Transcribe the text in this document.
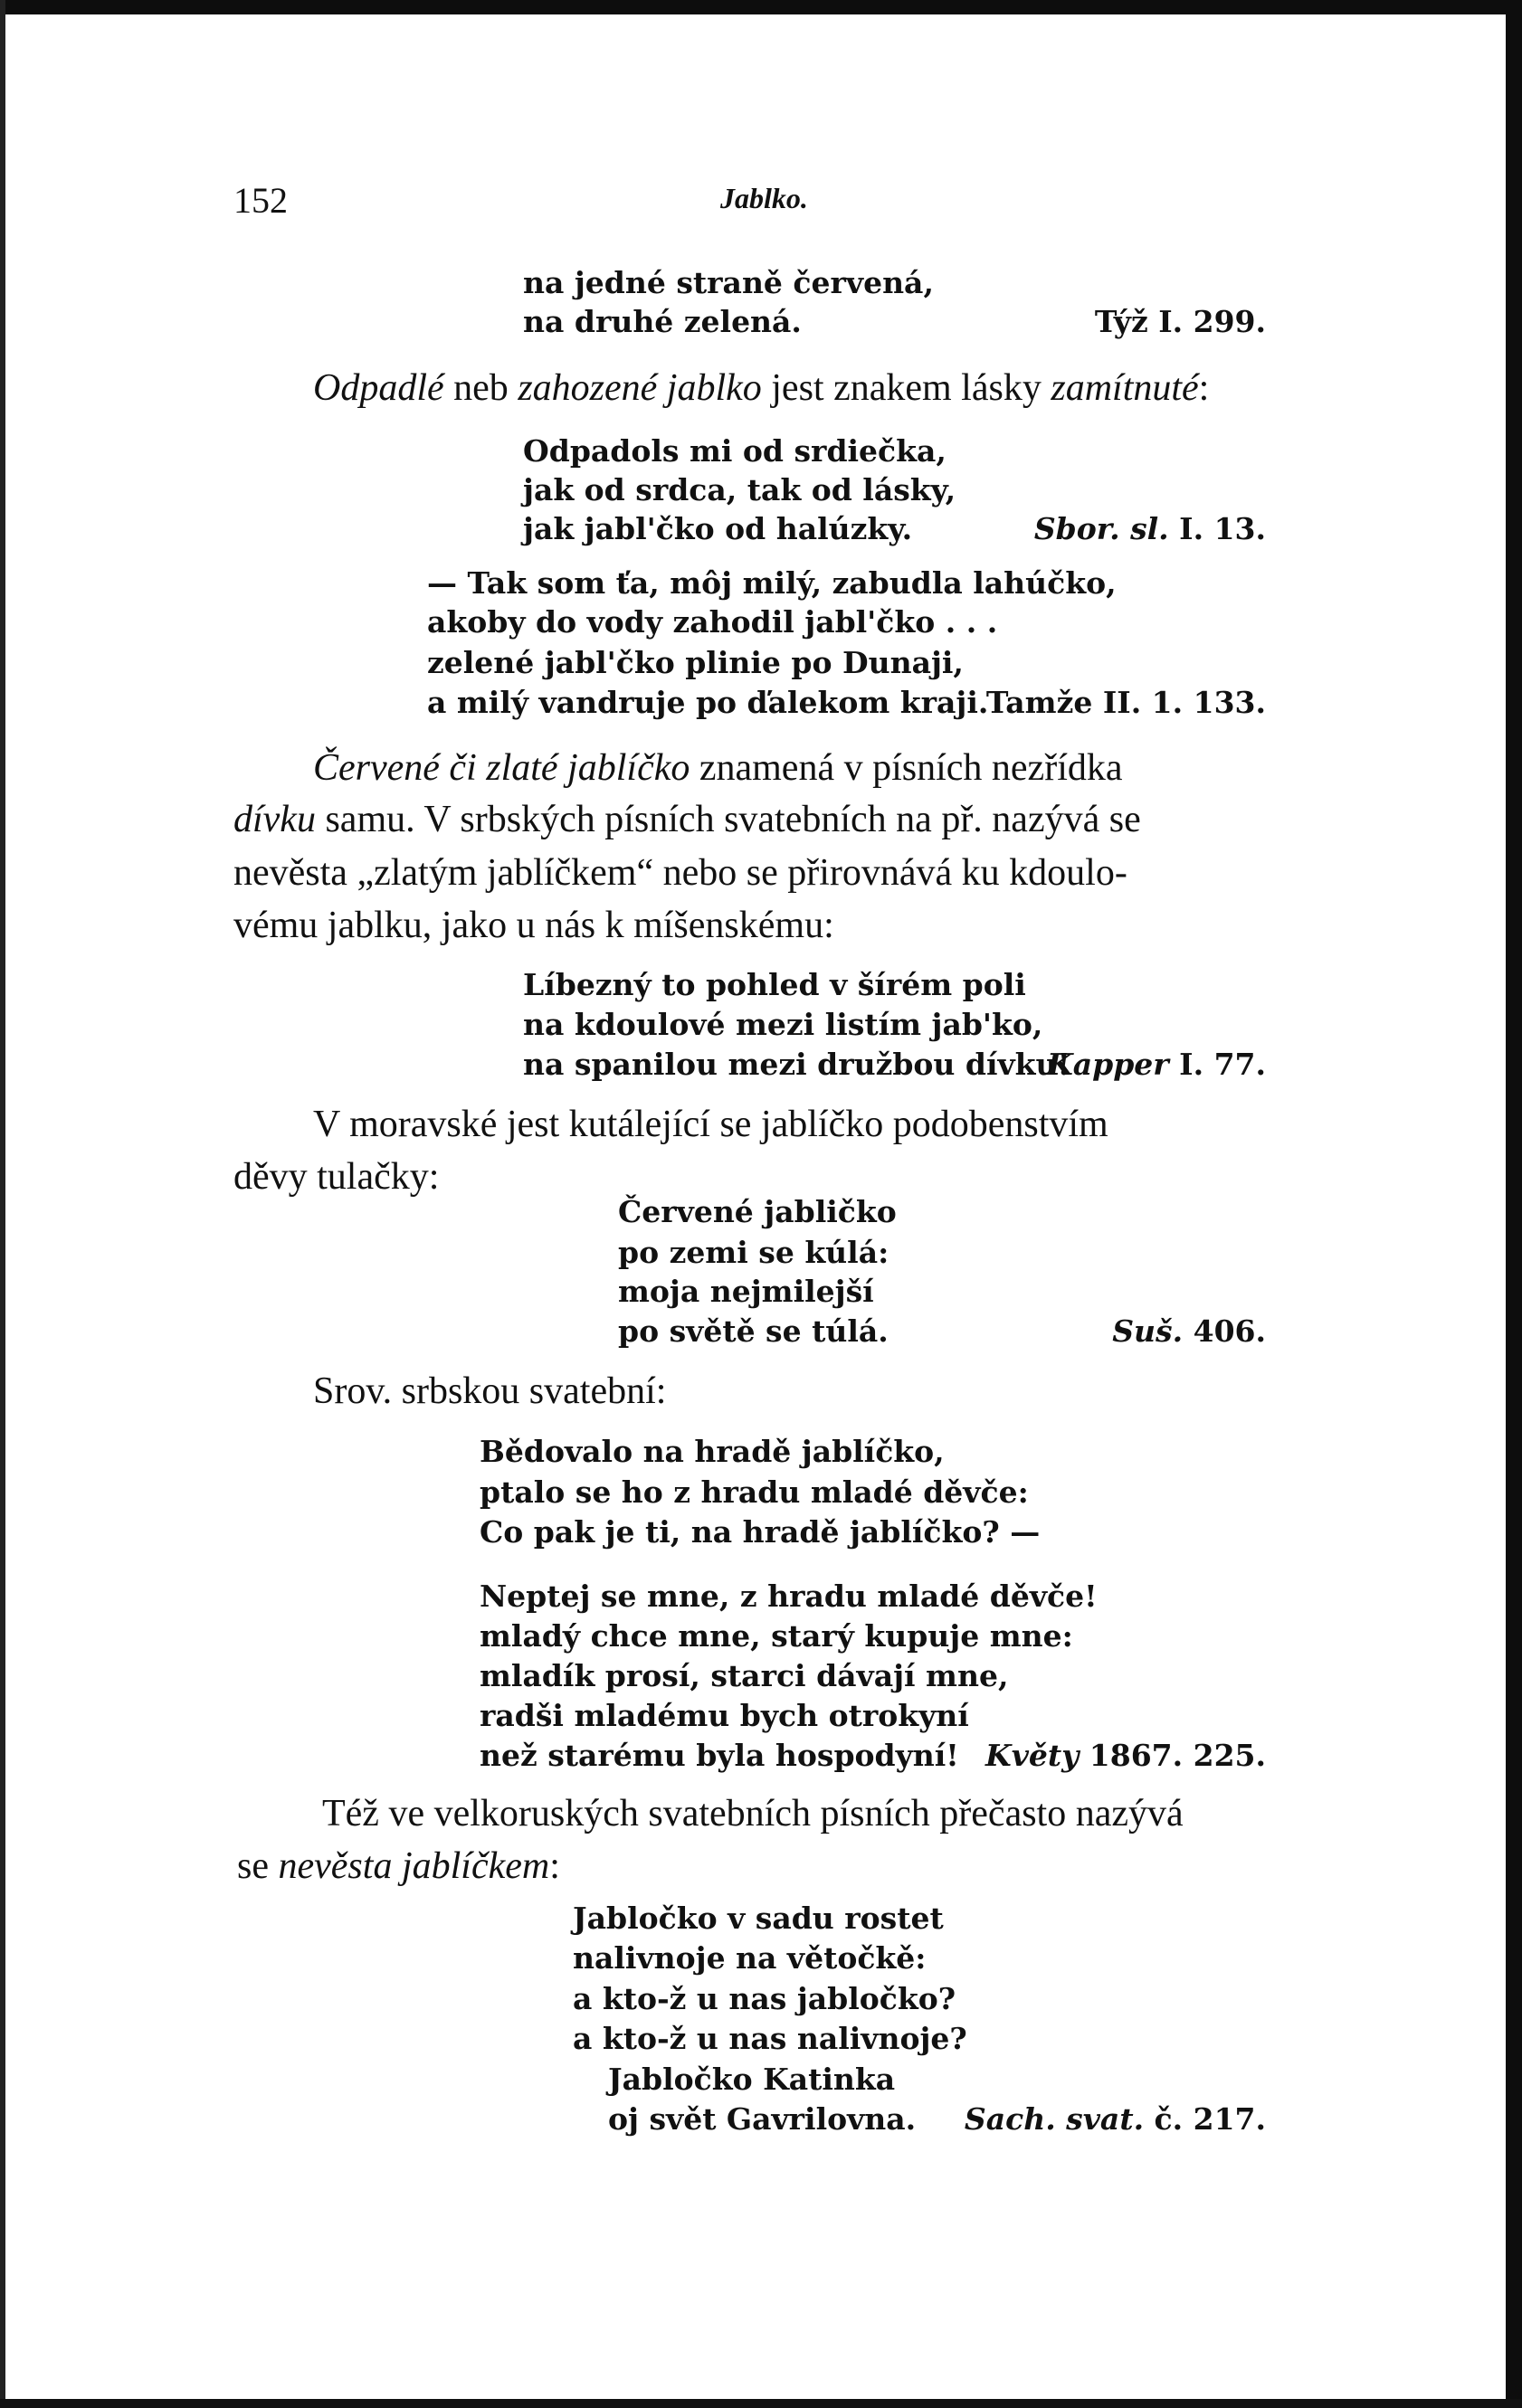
152	Jablko.
na jedné straně červená,
na druhé zelená.	Týž I. 299.
Odpadlé neb zahozené jablko jest znakem lásky zamítnuté:
Odpadols mi od srdiečka,
jak od srdca, tak od lásky,
jak jabl'čko od halúzky.	Sbor. sl. I. 13.
— Tak som ťa, môj milý, zabudla lahúčko,
akoby do vody zahodil jabl'čko . . .
zelené jabl'čko plinie po Dunaji,
a milý vandruje po ďalekom kraji.
Tamže II. 1. 133.
Červené či zlaté jablíčko znamená v písních nezřídka
dívku samu. V srbských písních svatebních na př. nazývá se
nevěsta „zlatým jablíčkem“ nebo se přirovnává ku kdoulo-
vému jablku, jako u nás k míšenskému:
Líbezný to pohled v šírém poli
na kdoulové mezi listím jab'ko,
na spanilou mezi družbou dívku!
Kapper I. 77.
V moravské jest kutálející se jablíčko podobenstvím
děvy tulačky:
Červené jabličko
po zemi se kúlá:
moja nejmilejší
po světě se túlá.	Suš. 406.
Srov. srbskou svatební:
Bědovalo na hradě jablíčko,
ptalo se ho z hradu mladé děvče:
Co pak je ti, na hradě jablíčko? —
Neptej se mne, z hradu mladé děvče!
mladý chce mne, starý kupuje mne:
mladík prosí, starci dávají mne,
radši mladému bych otrokyní
než starému byla hospodyní! Květy 1867. 225.
Též ve velkoruských svatebních písních přečasto nazývá
se nevěsta jablíčkem:
Jabločko v sadu rostet
nalivnoje na větočkě:
a kto-ž u nas jabločko?
a kto-ž u nas nalivnoje?
Jabločko Katinka
oj svět Gavrilovna. Sach. svat. č. 217.
